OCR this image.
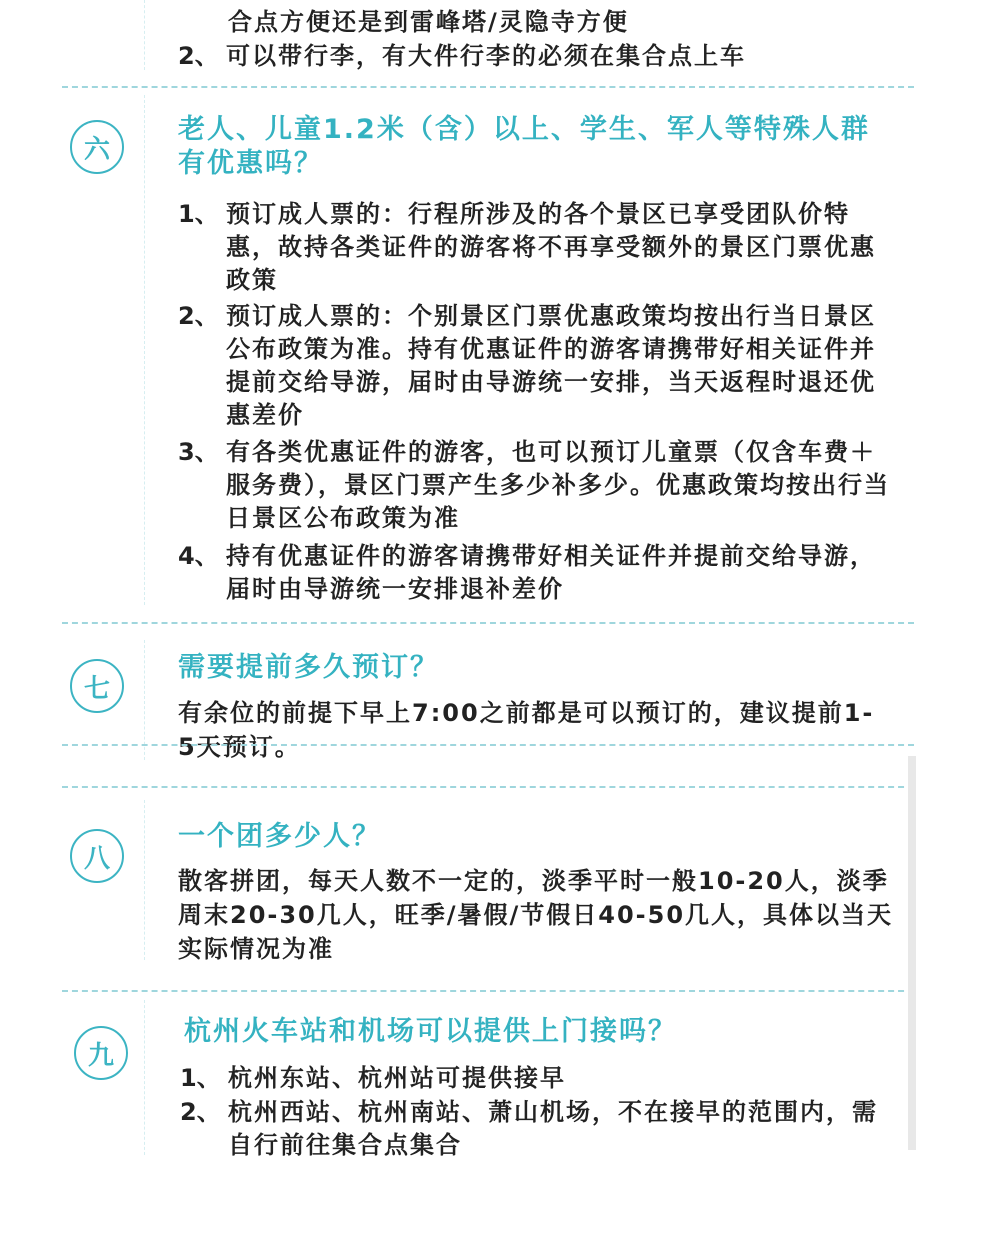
合点方便还是到雷峰塔/灵隐寺方便
2、 可以带行李，有大件行李的必须在集合点上车
六
老人、儿童1.2米（含）以上、学生、军人等特殊人群有优惠吗？
1、 预订成人票的：行程所涉及的各个景区已享受团队价特惠，故持各类证件的游客将不再享受额外的景区门票优惠政策
2、 预订成人票的：个别景区门票优惠政策均按出行当日景区公布政策为准。持有优惠证件的游客请携带好相关证件并提前交给导游，届时由导游统一安排，当天返程时退还优惠差价
3、 有各类优惠证件的游客，也可以预订儿童票（仅含车费＋服务费），景区门票产生多少补多少。优惠政策均按出行当日景区公布政策为准
4、 持有优惠证件的游客请携带好相关证件并提前交给导游，届时由导游统一安排退补差价
七
需要提前多久预订？
有余位的前提下早上7:00之前都是可以预订的，建议提前1-5天预订。
八
一个团多少人？
散客拼团，每天人数不一定的，淡季平时一般10-20人，淡季周末20-30几人，旺季/暑假/节假日40-50几人，具体以当天实际情况为准
九
杭州火车站和机场可以提供上门接吗？
1、 杭州东站、杭州站可提供接早
2、 杭州西站、杭州南站、萧山机场，不在接早的范围内，需自行前往集合点集合
